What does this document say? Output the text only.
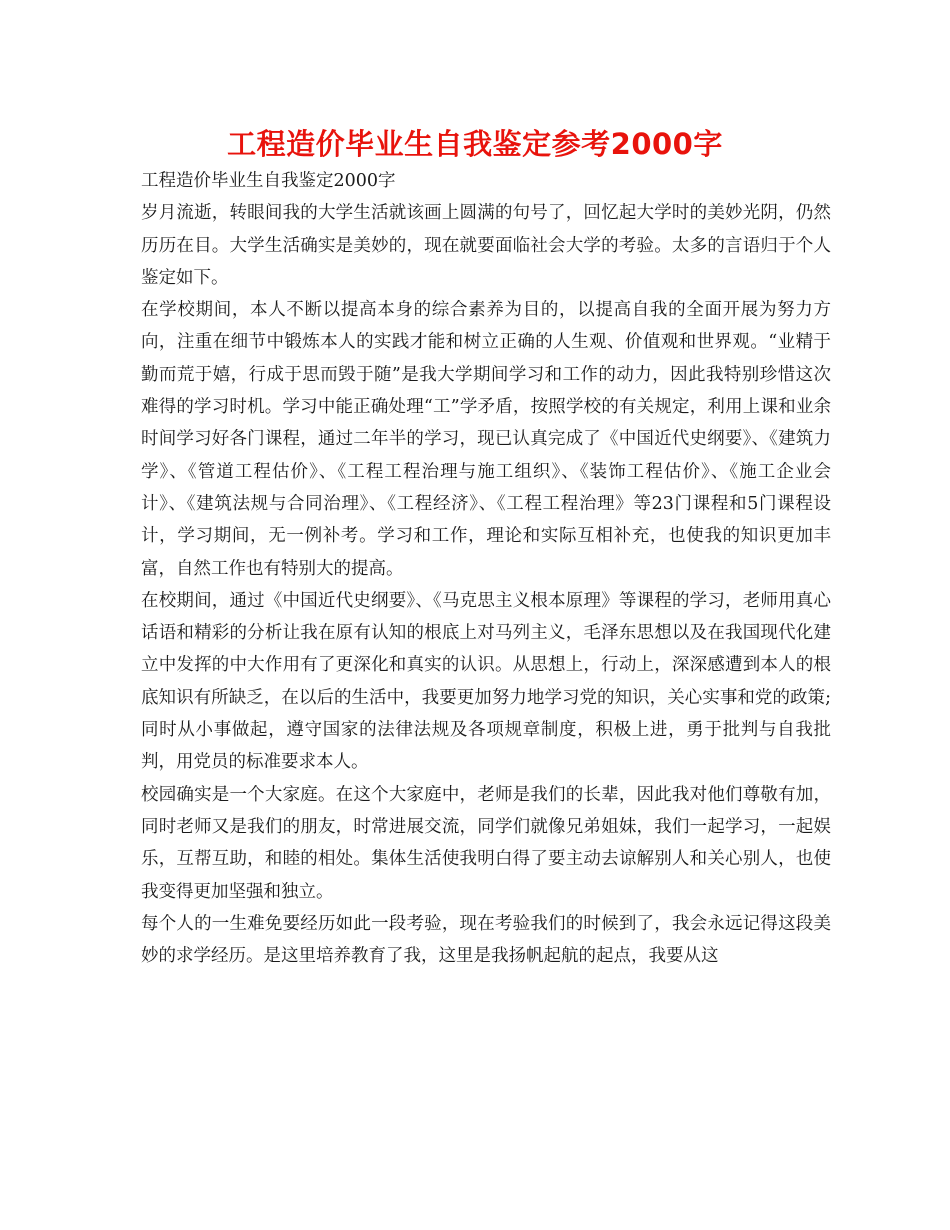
工程造价毕业生自我鉴定参考2000字

工程造价毕业生自我鉴定2000字

岁月流逝，转眼间我的大学生活就该画上圆满的句号了，回忆起大学时的美妙光阴，仍然历历在目。大学生活确实是美妙的，现在就要面临社会大学的考验。太多的言语归于个人鉴定如下。

在学校期间，本人不断以提高本身的综合素养为目的，以提高自我的全面开展为努力方向，注重在细节中锻炼本人的实践才能和树立正确的人生观、价值观和世界观。“业精于勤而荒于嬉，行成于思而毁于随”是我大学期间学习和工作的动力，因此我特别珍惜这次难得的学习时机。学习中能正确处理“工”学矛盾，按照学校的有关规定，利用上课和业余时间学习好各门课程，通过二年半的学习，现已认真完成了《中国近代史纲要》、《建筑力学》、《管道工程估价》、《工程工程治理与施工组织》、《装饰工程估价》、《施工企业会计》、《建筑法规与合同治理》、《工程经济》、《工程工程治理》等23门课程和5门课程设计，学习期间，无一例补考。学习和工作，理论和实际互相补充，也使我的知识更加丰富，自然工作也有特别大的提高。

在校期间，通过《中国近代史纲要》、《马克思主义根本原理》等课程的学习，老师用真心话语和精彩的分析让我在原有认知的根底上对马列主义，毛泽东思想以及在我国现代化建立中发挥的中大作用有了更深化和真实的认识。从思想上，行动上，深深感遭到本人的根底知识有所缺乏，在以后的生活中，我要更加努力地学习党的知识，关心实事和党的政策;同时从小事做起，遵守国家的法律法规及各项规章制度，积极上进，勇于批判与自我批判，用党员的标准要求本人。

校园确实是一个大家庭。在这个大家庭中，老师是我们的长辈，因此我对他们尊敬有加，同时老师又是我们的朋友，时常进展交流，同学们就像兄弟姐妹，我们一起学习，一起娱乐，互帮互助，和睦的相处。集体生活使我明白得了要主动去谅解别人和关心别人，也使我变得更加坚强和独立。

每个人的一生难免要经历如此一段考验，现在考验我们的时候到了，我会永远记得这段美妙的求学经历。是这里培养教育了我，这里是我扬帆起航的起点，我要从这
